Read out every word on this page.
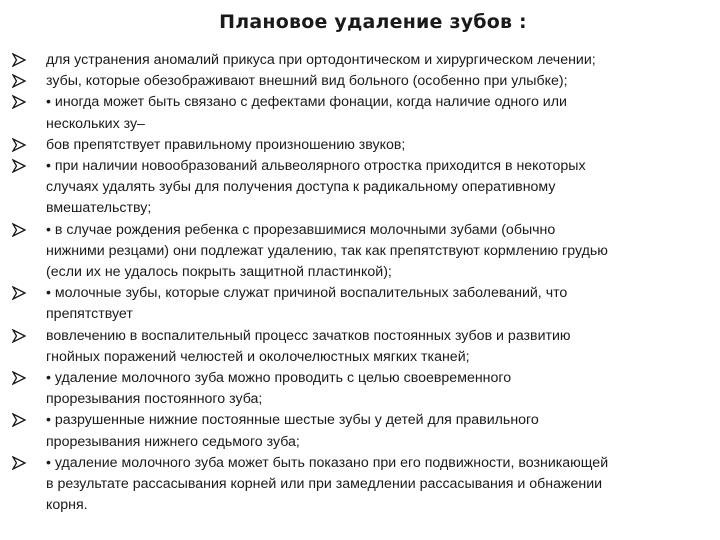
Плановое удаление зубов :
для устранения аномалий прикуса при ортодонтическом и хирургическом лечении;
зубы, которые обезображивают внешний вид больного (особенно при улыбке);
• иногда может быть связано с дефектами фонации, когда наличие одного или
нескольких зу–
бов препятствует правильному произношению звуков;
• при наличии новообразований альвеолярного отростка приходится в некоторых
случаях удалять зубы для получения доступа к радикальному оперативному
вмешательству;
• в случае рождения ребенка с прорезавшимися молочными зубами (обычно
нижними резцами) они подлежат удалению, так как препятствуют кормлению грудью
(если их не удалось покрыть защитной пластинкой);
• молочные зубы, которые служат причиной воспалительных заболеваний, что
препятствует
вовлечению в воспалительный процесс зачатков постоянных зубов и развитию
гнойных поражений челюстей и околочелюстных мягких тканей;
• удаление молочного зуба можно проводить с целью своевременного
прорезывания постоянного зуба;
• разрушенные нижние постоянные шестые зубы у детей для правильного
прорезывания нижнего седьмого зуба;
• удаление молочного зуба может быть показано при его подвижности, возникающей
в результате рассасывания корней или при замедлении рассасывания и обнажении
корня.
